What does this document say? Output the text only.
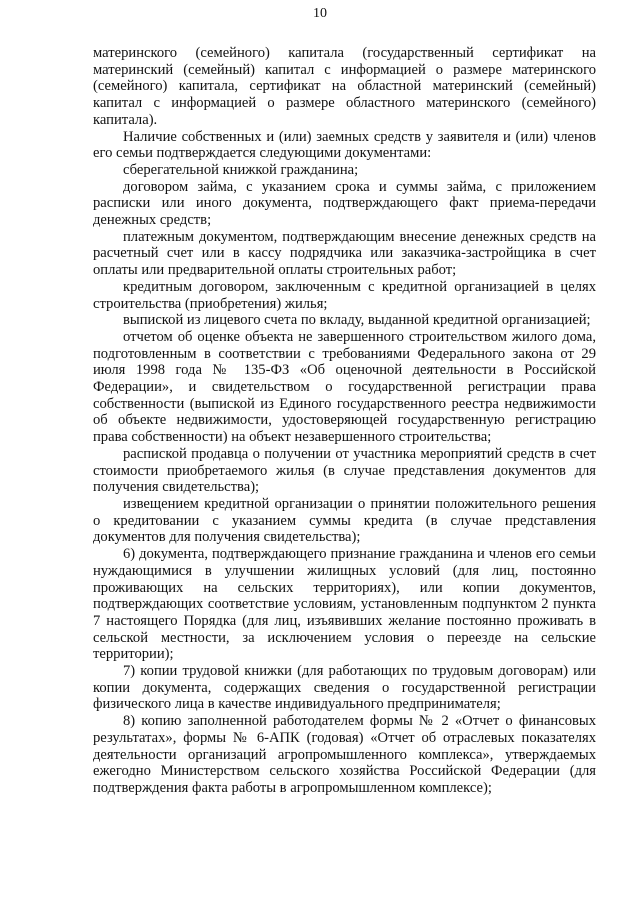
10

материнского (семейного) капитала (государственный сертификат на материнский (семейный) капитал с информацией о размере материнского (семейного) капитала, сертификат на областной материнский (семейный) капитал с информацией о размере областного материнского (семейного) капитала).

Наличие собственных и (или) заемных средств у заявителя и (или) членов его семьи подтверждается следующими документами:

сберегательной книжкой гражданина;

договором займа, с указанием срока и суммы займа, с приложением расписки или иного документа, подтверждающего факт приема-передачи денежных средств;

платежным документом, подтверждающим внесение денежных средств на расчетный счет или в кассу подрядчика или заказчика-застройщика в счет оплаты или предварительной оплаты строительных работ;

кредитным договором, заключенным с кредитной организацией в целях строительства (приобретения) жилья;

выпиской из лицевого счета по вкладу, выданной кредитной организацией;

отчетом об оценке объекта не завершенного строительством жилого дома, подготовленным в соответствии с требованиями Федерального закона от 29 июля 1998 года № 135-ФЗ «Об оценочной деятельности в Российской Федерации», и свидетельством о государственной регистрации права собственности (выпиской из Единого государственного реестра недвижимости об объекте недвижимости, удостоверяющей государственную регистрацию права собственности) на объект незавершенного строительства;

распиской продавца о получении от участника мероприятий средств в счет стоимости приобретаемого жилья (в случае представления документов для получения свидетельства);

извещением кредитной организации о принятии положительного решения о кредитовании с указанием суммы кредита (в случае представления документов для получения свидетельства);

6) документа, подтверждающего признание гражданина и членов его семьи нуждающимися в улучшении жилищных условий (для лиц, постоянно проживающих на сельских территориях), или копии документов, подтверждающих соответствие условиям, установленным подпунктом 2 пункта 7 настоящего Порядка (для лиц, изъявивших желание постоянно проживать в сельской местности, за исключением условия о переезде на сельские территории);

7) копии трудовой книжки (для работающих по трудовым договорам) или копии документа, содержащих сведения о государственной регистрации физического лица в качестве индивидуального предпринимателя;

8) копию заполненной работодателем формы № 2 «Отчет о финансовых результатах», формы № 6-АПК (годовая) «Отчет об отраслевых показателях деятельности организаций агропромышленного комплекса», утверждаемых ежегодно Министерством сельского хозяйства Российской Федерации (для подтверждения факта работы в агропромышленном комплексе);
